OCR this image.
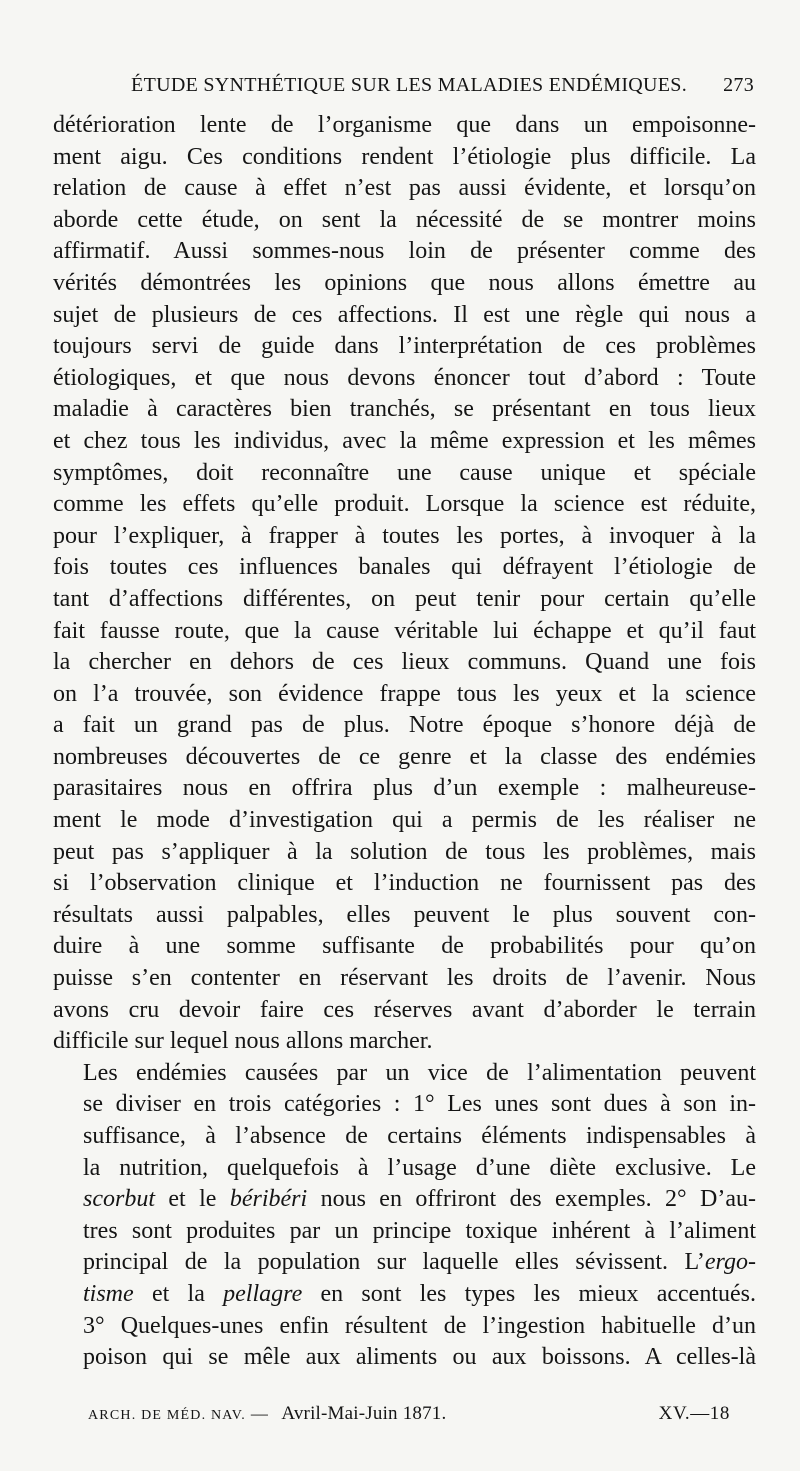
ÉTUDE SYNTHÉTIQUE SUR LES MALADIES ENDÉMIQUES.	273

détérioration lente de l’organisme que dans un empoisonne-
ment aigu. Ces conditions rendent l’étiologie plus difficile. La
relation de cause à effet n’est pas aussi évidente, et lorsqu’on
aborde cette étude, on sent la nécessité de se montrer moins
affirmatif. Aussi sommes-nous loin de présenter comme des
vérités démontrées les opinions que nous allons émettre au
sujet de plusieurs de ces affections. Il est une règle qui nous a
toujours servi de guide dans l’interprétation de ces problèmes
étiologiques, et que nous devons énoncer tout d’abord : Toute
maladie à caractères bien tranchés, se présentant en tous lieux
et chez tous les individus, avec la même expression et les mêmes
symptômes, doit reconnaître une cause unique et spéciale
comme les effets qu’elle produit. Lorsque la science est réduite,
pour l’expliquer, à frapper à toutes les portes, à invoquer à la
fois toutes ces influences banales qui défrayent l’étiologie de
tant d’affections différentes, on peut tenir pour certain qu’elle
fait fausse route, que la cause véritable lui échappe et qu’il faut
la chercher en dehors de ces lieux communs. Quand une fois
on l’a trouvée, son évidence frappe tous les yeux et la science
a fait un grand pas de plus. Notre époque s’honore déjà de
nombreuses découvertes de ce genre et la classe des endémies
parasitaires nous en offrira plus d’un exemple : malheureuse-
ment le mode d’investigation qui a permis de les réaliser ne
peut pas s’appliquer à la solution de tous les problèmes, mais
si l’observation clinique et l’induction ne fournissent pas des
résultats aussi palpables, elles peuvent le plus souvent con-
duire à une somme suffisante de probabilités pour qu’on
puisse s’en contenter en réservant les droits de l’avenir. Nous
avons cru devoir faire ces réserves avant d’aborder le terrain
difficile sur lequel nous allons marcher.

Les endémies causées par un vice de l’alimentation peuvent
se diviser en trois catégories : 1° Les unes sont dues à son in-
suffisance, à l’absence de certains éléments indispensables à
la nutrition, quelquefois à l’usage d’une diète exclusive. Le
scorbut et le béribéri nous en offriront des exemples. 2° D’au-
tres sont produites par un principe toxique inhérent à l’aliment
principal de la population sur laquelle elles sévissent. L’ergo-
tisme et la pellagre en sont les types les mieux accentués.
3° Quelques-unes enfin résultent de l’ingestion habituelle d’un
poison qui se mêle aux aliments ou aux boissons. A celles-là

ARCH. DE MÉD. NAV. — Avril-Mai-Juin 1871.	XV.—18
